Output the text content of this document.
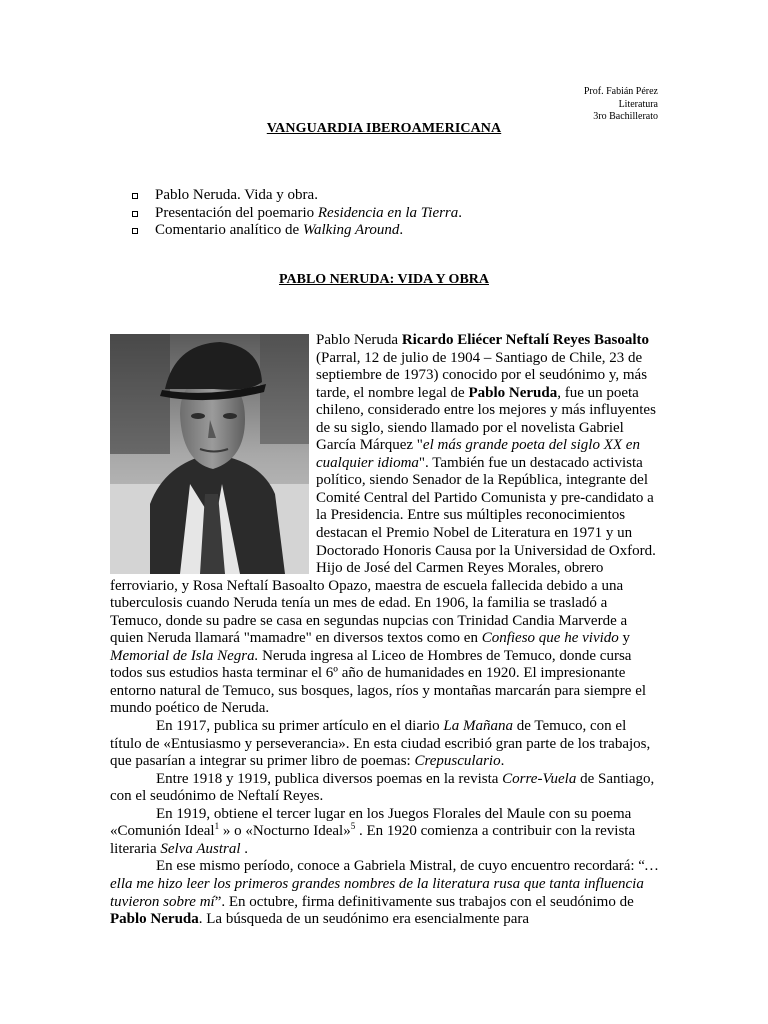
Prof. Fabián Pérez
Literatura
3ro Bachillerato
VANGUARDIA IBEROAMERICANA
Pablo Neruda. Vida y obra.
Presentación del poemario Residencia en la Tierra.
Comentario analítico de Walking Around.
PABLO NERUDA: VIDA Y OBRA

Pablo Neruda Ricardo Eliécer Neftalí Reyes Basoalto (Parral, 12 de julio de 1904 – Santiago de Chile, 23 de septiembre de 1973) conocido por el seudónimo y, más tarde, el nombre legal de Pablo Neruda, fue un poeta chileno, considerado entre los mejores y más influyentes de su siglo, siendo llamado por el novelista Gabriel García Márquez "el más grande poeta del siglo XX en cualquier idioma". También fue un destacado activista político, siendo Senador de la República, integrante del Comité Central del Partido Comunista y pre-candidato a la Presidencia. Entre sus múltiples reconocimientos destacan el Premio Nobel de Literatura en 1971 y un Doctorado Honoris Causa por la Universidad de Oxford.

Hijo de José del Carmen Reyes Morales, obrero ferroviario, y Rosa Neftalí Basoalto Opazo, maestra de escuela fallecida debido a una tuberculosis cuando Neruda tenía un mes de edad. En 1906, la familia se trasladó a Temuco, donde su padre se casa en segundas nupcias con Trinidad Candia Marverde a quien Neruda llamará "mamadre" en diversos textos como en Confieso que he vivido y Memorial de Isla Negra. Neruda ingresa al Liceo de Hombres de Temuco, donde cursa todos sus estudios hasta terminar el 6º año de humanidades en 1920. El impresionante entorno natural de Temuco, sus bosques, lagos, ríos y montañas marcarán para siempre el mundo poético de Neruda.

En 1917, publica su primer artículo en el diario La Mañana de Temuco, con el título de «Entusiasmo y perseverancia». En esta ciudad escribió gran parte de los trabajos, que pasarían a integrar su primer libro de poemas: Crepusculario.

Entre 1918 y 1919, publica diversos poemas en la revista Corre-Vuela de Santiago, con el seudónimo de Neftalí Reyes.

En 1919, obtiene el tercer lugar en los Juegos Florales del Maule con su poema «Comunión Ideal$^1$ » o «Nocturno Ideal»$^5$ . En 1920 comienza a contribuir con la revista literaria Selva Austral .

En ese mismo período, conoce a Gabriela Mistral, de cuyo encuentro recordará: “… ella me hizo leer los primeros grandes nombres de la literatura rusa que tanta influencia tuvieron sobre mí”. En octubre, firma definitivamente sus trabajos con el seudónimo de Pablo Neruda. La búsqueda de un seudónimo era esencialmente para
